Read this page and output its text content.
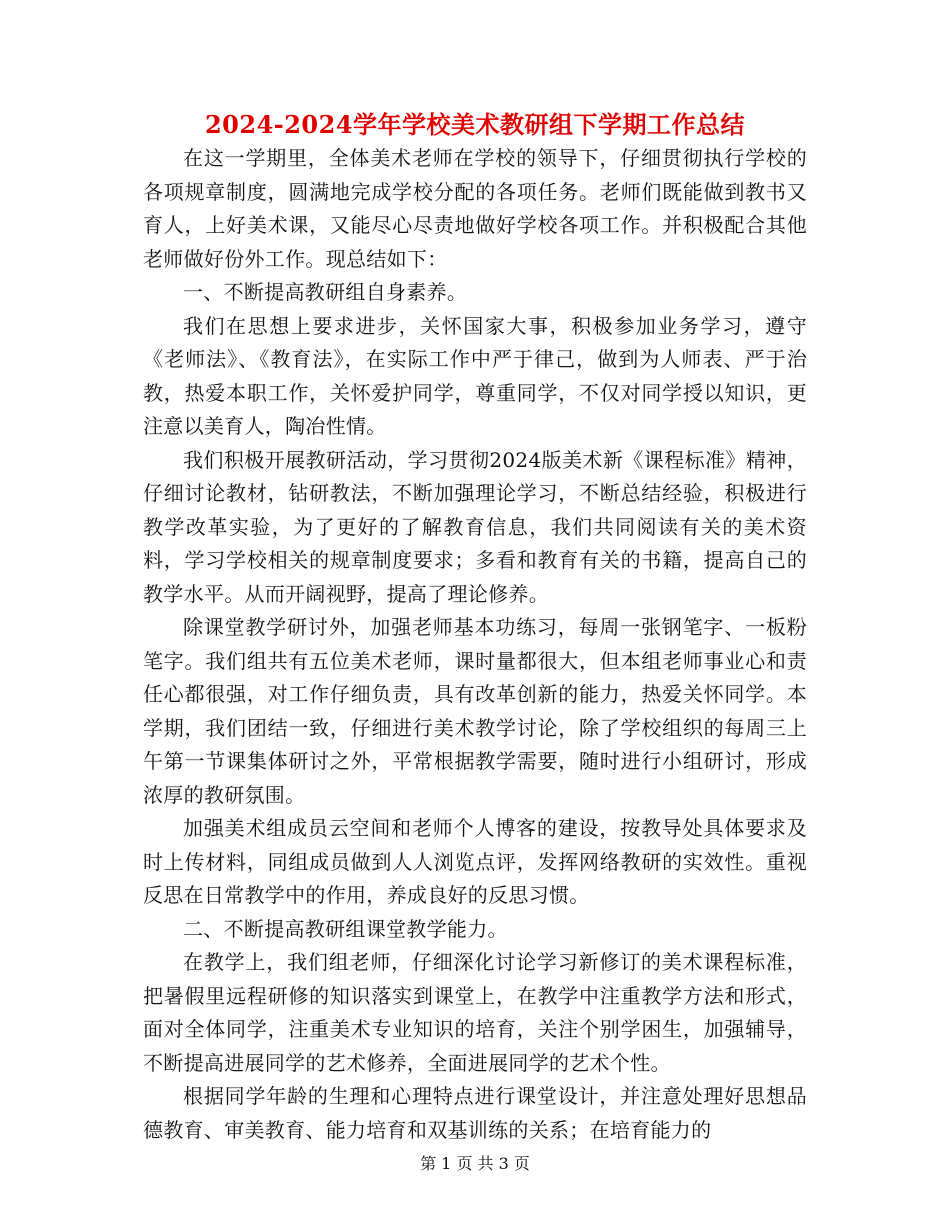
2024-2024学年学校美术教研组下学期工作总结

在这一学期里，全体美术老师在学校的领导下，仔细贯彻执行学校的各项规章制度，圆满地完成学校分配的各项任务。老师们既能做到教书又育人，上好美术课，又能尽心尽责地做好学校各项工作。并积极配合其他老师做好份外工作。现总结如下：

一、不断提高教研组自身素养。

我们在思想上要求进步，关怀国家大事，积极参加业务学习，遵守《老师法》、《教育法》，在实际工作中严于律己，做到为人师表、严于治教，热爱本职工作，关怀爱护同学，尊重同学，不仅对同学授以知识，更注意以美育人，陶冶性情。

我们积极开展教研活动，学习贯彻2024版美术新《课程标准》精神，仔细讨论教材，钻研教法，不断加强理论学习，不断总结经验，积极进行教学改革实验，为了更好的了解教育信息，我们共同阅读有关的美术资料，学习学校相关的规章制度要求；多看和教育有关的书籍，提高自己的教学水平。从而开阔视野，提高了理论修养。

除课堂教学研讨外，加强老师基本功练习，每周一张钢笔字、一板粉笔字。我们组共有五位美术老师，课时量都很大，但本组老师事业心和责任心都很强，对工作仔细负责，具有改革创新的能力，热爱关怀同学。本学期，我们团结一致，仔细进行美术教学讨论，除了学校组织的每周三上午第一节课集体研讨之外，平常根据教学需要，随时进行小组研讨，形成浓厚的教研氛围。

加强美术组成员云空间和老师个人博客的建设，按教导处具体要求及时上传材料，同组成员做到人人浏览点评，发挥网络教研的实效性。重视反思在日常教学中的作用，养成良好的反思习惯。

二、不断提高教研组课堂教学能力。

在教学上，我们组老师，仔细深化讨论学习新修订的美术课程标准，把暑假里远程研修的知识落实到课堂上，在教学中注重教学方法和形式，面对全体同学，注重美术专业知识的培育，关注个别学困生，加强辅导，不断提高进展同学的艺术修养，全面进展同学的艺术个性。

根据同学年龄的生理和心理特点进行课堂设计，并注意处理好思想品德教育、审美教育、能力培育和双基训练的关系；在培育能力的

第 1 页 共 3 页
